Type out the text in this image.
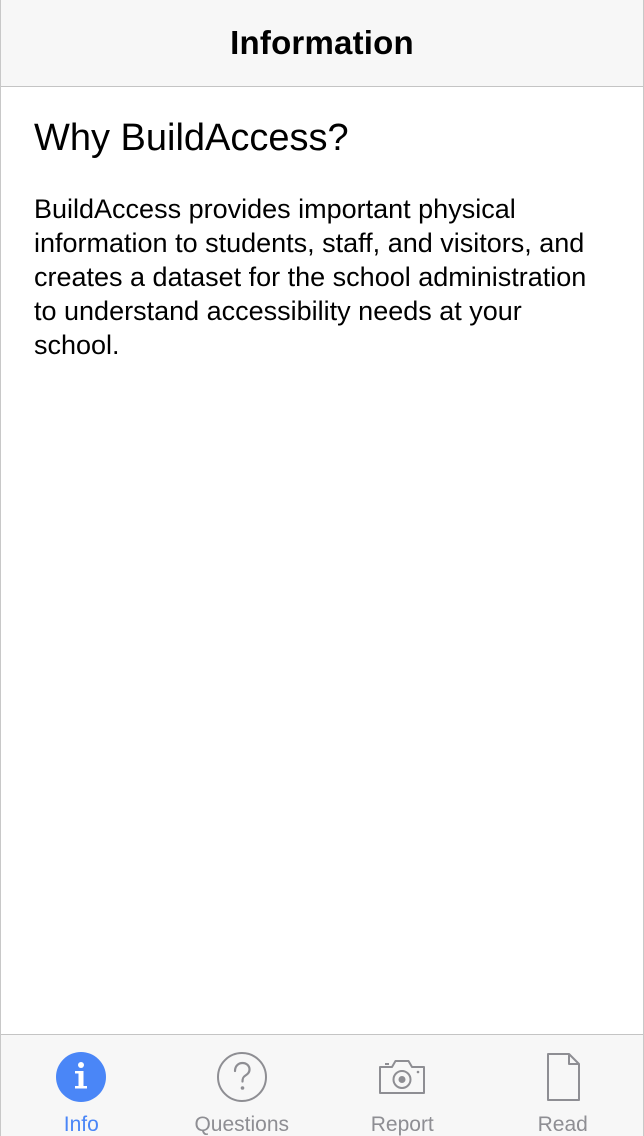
Information
Why BuildAccess?

BuildAccess provides important physical information to students, staff, and visitors, and creates a dataset for the school administration to understand accessibility needs at your school.

Info	Questions	Report	Read
